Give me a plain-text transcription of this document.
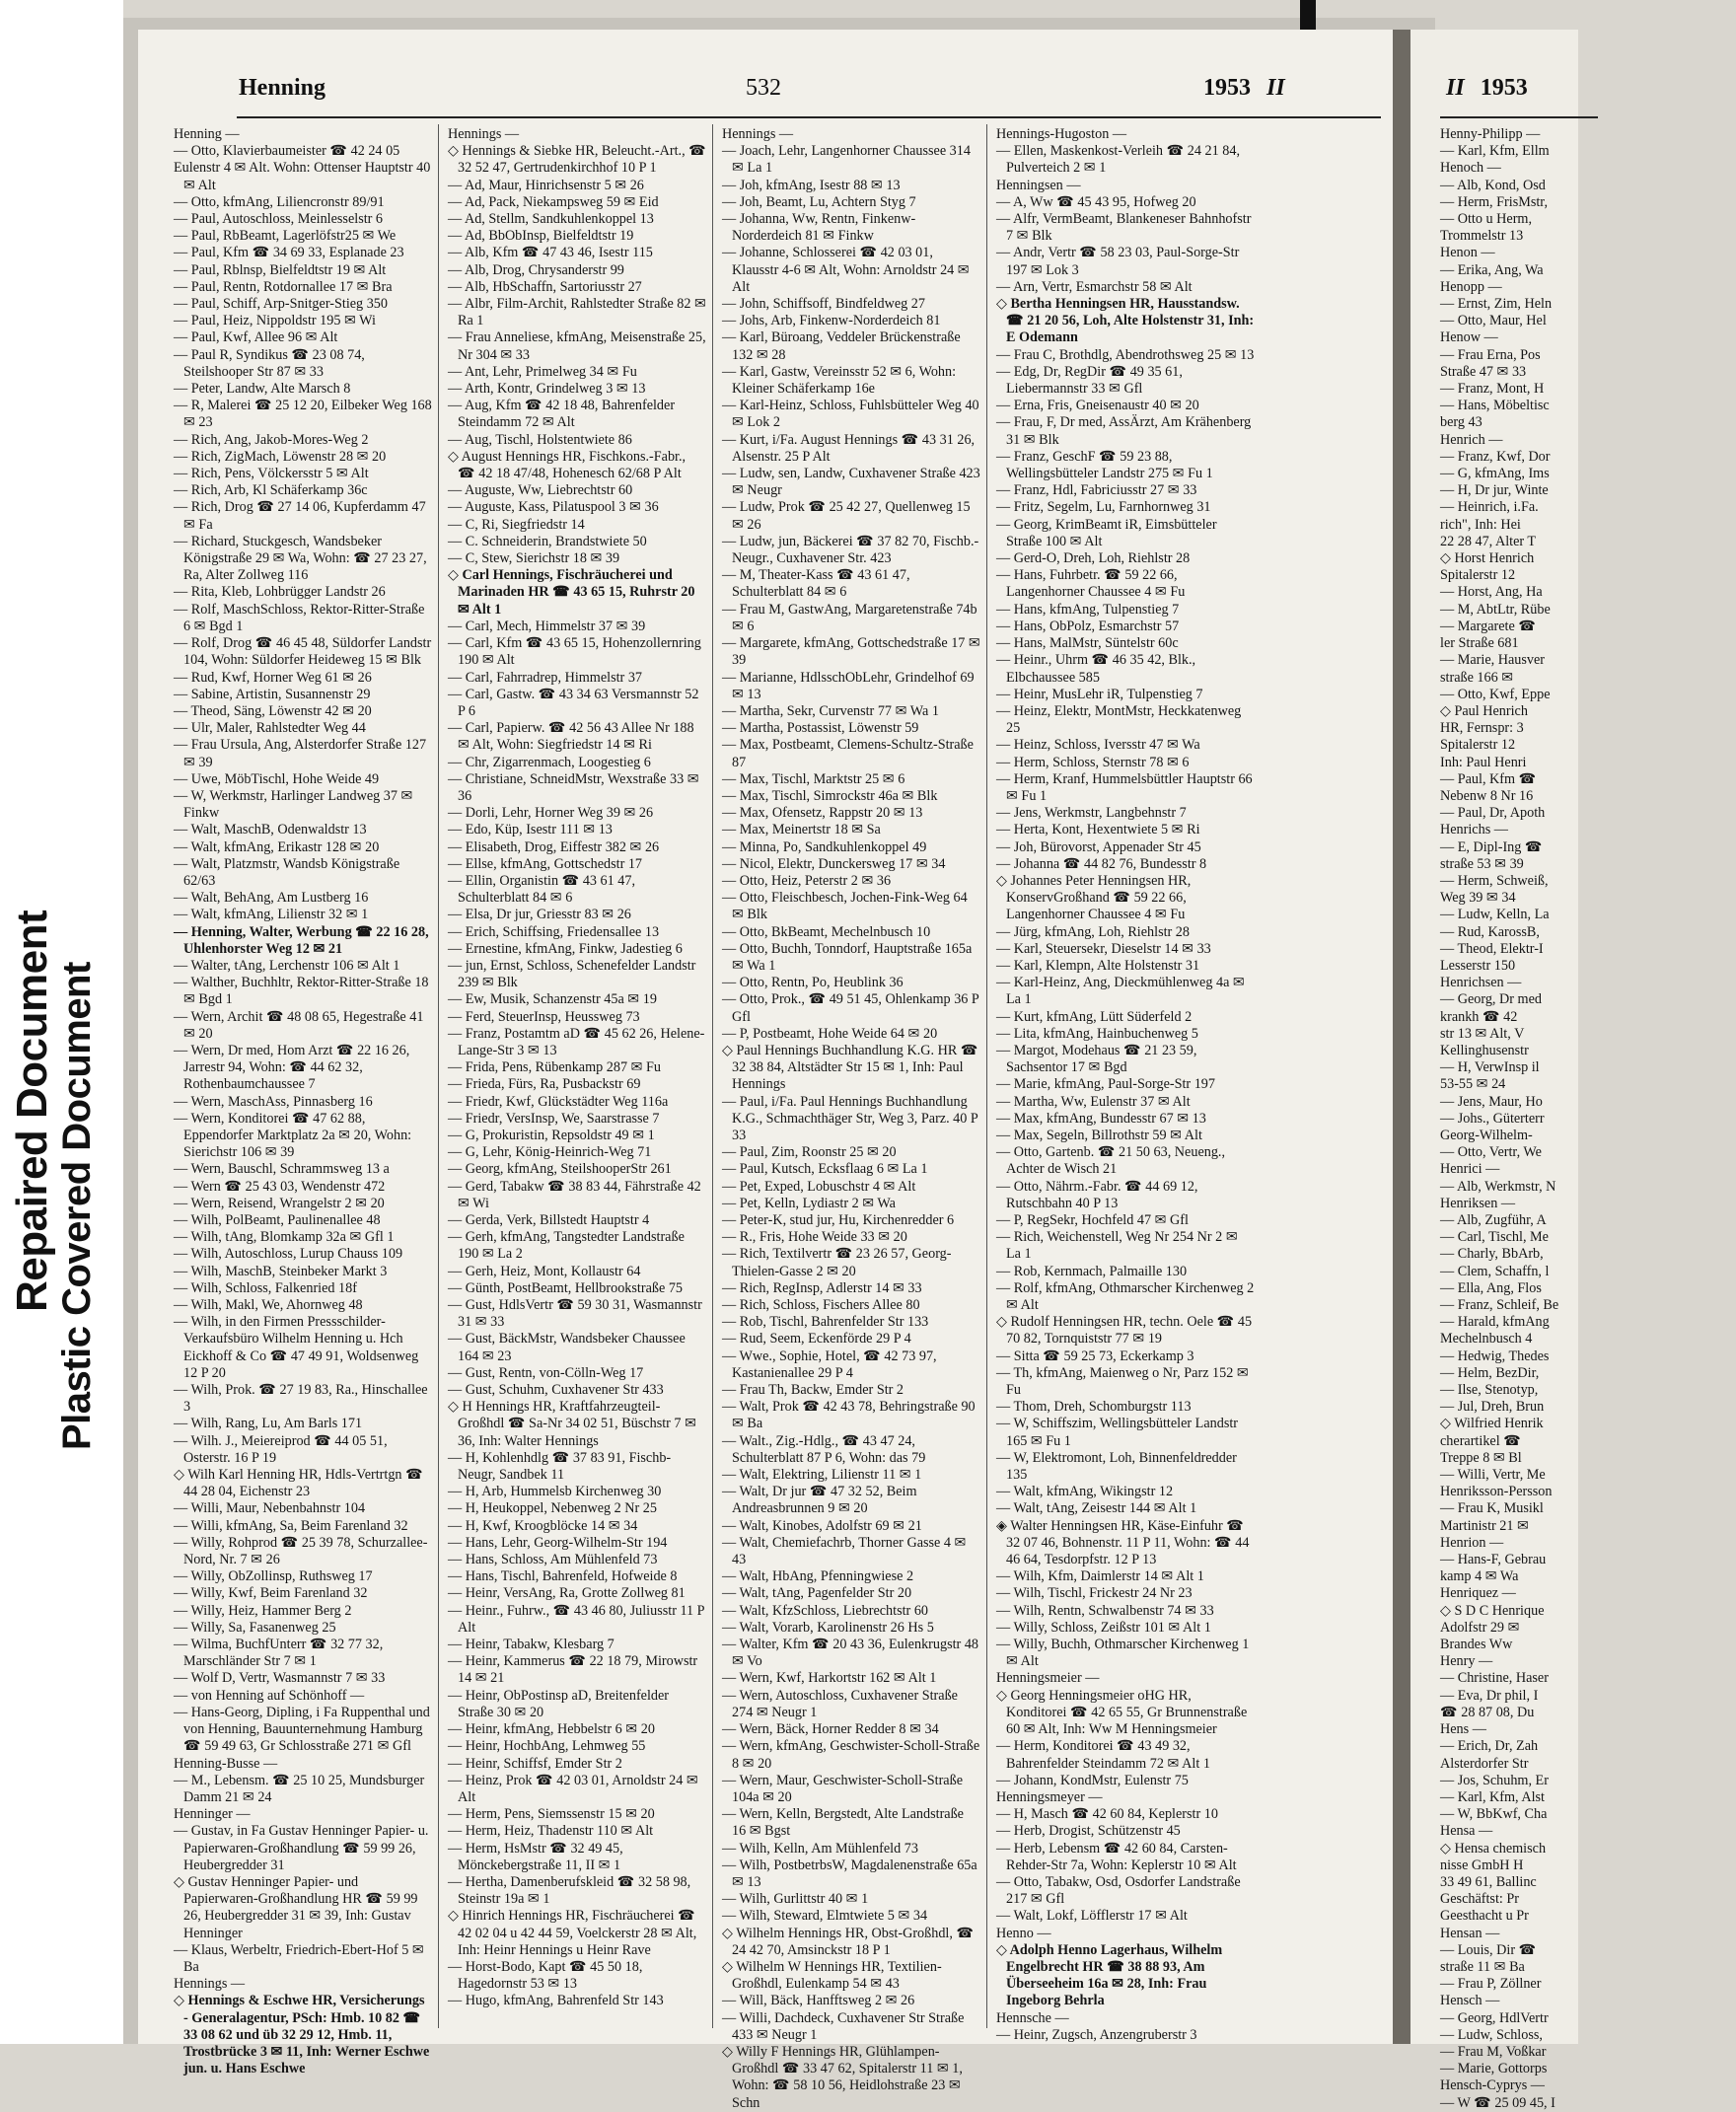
Repaired Document Plastic Covered Document
Henning	532	1953 II

Henning —

— Otto, Klavierbaumeister ☎ 42 24 05

Eulenstr 4 ✉ Alt. Wohn: Ottenser Hauptstr 40 ✉ Alt

— Otto, kfmAng, Liliencronstr 89/91

— Paul, Autoschloss, Meinlesselstr 6

— Paul, RbBeamt, Lagerlöfstr25 ✉ We

— Paul, Kfm ☎ 34 69 33, Esplanade 23

— Paul, Rblnsp, Bielfeldtstr 19 ✉ Alt

— Paul, Rentn, Rotdornallee 17 ✉ Bra

— Paul, Schiff, Arp-Snitger-Stieg 350

— Paul, Heiz, Nippoldstr 195 ✉ Wi

— Paul, Kwf, Allee 96 ✉ Alt

— Paul R, Syndikus ☎ 23 08 74, Steilshooper Str 87 ✉ 33

— Peter, Landw, Alte Marsch 8

— R, Malerei ☎ 25 12 20, Eilbeker Weg 168 ✉ 23

— Rich, Ang, Jakob-Mores-Weg 2

— Rich, ZigMach, Löwenstr 28 ✉ 20

— Rich, Pens, Völckersstr 5 ✉ Alt

— Rich, Arb, Kl Schäferkamp 36c

— Rich, Drog ☎ 27 14 06, Kupferdamm 47 ✉ Fa

— Richard, Stuckgesch, Wandsbeker Königstraße 29 ✉ Wa, Wohn: ☎ 27 23 27, Ra, Alter Zollweg 116

— Rita, Kleb, Lohbrügger Landstr 26

— Rolf, MaschSchloss, Rektor-Ritter-Straße 6 ✉ Bgd 1

— Rolf, Drog ☎ 46 45 48, Süldorfer Landstr 104, Wohn: Süldorfer Heideweg 15 ✉ Blk

— Rud, Kwf, Horner Weg 61 ✉ 26

— Sabine, Artistin, Susannenstr 29

— Theod, Säng, Löwenstr 42 ✉ 20

— Ulr, Maler, Rahlstedter Weg 44

— Frau Ursula, Ang, Alsterdorfer Straße 127 ✉ 39

— Uwe, MöbTischl, Hohe Weide 49

— W, Werkmstr, Harlinger Landweg 37 ✉ Finkw

— Walt, MaschB, Odenwaldstr 13

— Walt, kfmAng, Erikastr 128 ✉ 20

— Walt, Platzmstr, Wandsb Königstraße 62/63

— Walt, BehAng, Am Lustberg 16

— Walt, kfmAng, Lilienstr 32 ✉ 1

— Henning, Walter, Werbung ☎ 22 16 28, Uhlenhorster Weg 12 ✉ 21

— Walter, tAng, Lerchenstr 106 ✉ Alt 1

— Walther, Buchhltr, Rektor-Ritter-Straße 18 ✉ Bgd 1

— Wern, Archit ☎ 48 08 65, Hegestraße 41 ✉ 20

— Wern, Dr med, Hom Arzt ☎ 22 16 26, Jarrestr 94, Wohn: ☎ 44 62 32, Rothenbaumchaussee 7

— Wern, MaschAss, Pinnasberg 16

— Wern, Konditorei ☎ 47 62 88, Eppendorfer Marktplatz 2a ✉ 20, Wohn: Sierichstr 106 ✉ 39

— Wern, Bauschl, Schrammsweg 13 a

— Wern ☎ 25 43 03, Wendenstr 472

— Wern, Reisend, Wrangelstr 2 ✉ 20

— Wilh, PolBeamt, Paulinenallee 48

— Wilh, tAng, Blomkamp 32a ✉ Gfl 1

— Wilh, Autoschloss, Lurup Chauss 109

— Wilh, MaschB, Steinbeker Markt 3

— Wilh, Schloss, Falkenried 18f

— Wilh, Makl, We, Ahornweg 48

— Wilh, in den Firmen Pressschilder-Verkaufsbüro Wilhelm Henning u. Hch Eickhoff & Co ☎ 47 49 91, Woldsenweg 12 P 20

— Wilh, Prok. ☎ 27 19 83, Ra., Hinschallee 3

— Wilh, Rang, Lu, Am Barls 171

— Wilh. J., Meiereiprod ☎ 44 05 51, Osterstr. 16 P 19

◇ Wilh Karl Henning HR, Hdls-Vertrtgn ☎ 44 28 04, Eichenstr 23

— Willi, Maur, Nebenbahnstr 104

— Willi, kfmAng, Sa, Beim Farenland 32

— Willy, Rohprod ☎ 25 39 78, Schurzallee-Nord, Nr. 7 ✉ 26

— Willy, ObZollinsp, Ruthsweg 17

— Willy, Kwf, Beim Farenland 32

— Willy, Heiz, Hammer Berg 2

— Willy, Sa, Fasanenweg 25

— Wilma, BuchfUnterr ☎ 32 77 32, Marschländer Str 7 ✉ 1

— Wolf D, Vertr, Wasmannstr 7 ✉ 33

— von Henning auf Schönhoff —

— Hans-Georg, Dipling, i Fa Ruppenthal und von Henning, Bauunternehmung Hamburg ☎ 59 49 63, Gr Schlosstraße 271 ✉ Gfl

Henning-Busse —

— M., Lebensm. ☎ 25 10 25, Mundsburger Damm 21 ✉ 24

Henninger —

— Gustav, in Fa Gustav Henninger Papier- u. Papierwaren-Großhandlung ☎ 59 99 26, Heubergredder 31

◇ Gustav Henninger Papier- und Papierwaren-Großhandlung HR ☎ 59 99 26, Heubergredder 31 ✉ 39, Inh: Gustav Henninger

— Klaus, Werbeltr, Friedrich-Ebert-Hof 5 ✉ Ba

Hennings —

◇ Hennings & Eschwe HR, Versicherungs - Generalagentur, PSch: Hmb. 10 82 ☎ 33 08 62 und üb 32 29 12, Hmb. 11, Trostbrücke 3 ✉ 11, Inh: Werner Eschwe jun. u. Hans Eschwe

Hennings —

◇ Hennings & Siebke HR, Beleucht.-Art., ☎ 32 52 47, Gertrudenkirchhof 10 P 1

— Ad, Maur, Hinrichsenstr 5 ✉ 26

— Ad, Pack, Niekampsweg 59 ✉ Eid

— Ad, Stellm, Sandkuhlenkoppel 13

— Ad, BbObInsp, Bielfeldtstr 19

— Alb, Kfm ☎ 47 43 46, Isestr 115

— Alb, Drog, Chrysanderstr 99

— Alb, HbSchaffn, Sartoriusstr 27

— Albr, Film-Archit, Rahlstedter Straße 82 ✉ Ra 1

— Frau Anneliese, kfmAng, Meisenstraße 25, Nr 304 ✉ 33

— Ant, Lehr, Primelweg 34 ✉ Fu

— Arth, Kontr, Grindelweg 3 ✉ 13

— Aug, Kfm ☎ 42 18 48, Bahrenfelder Steindamm 72 ✉ Alt

— Aug, Tischl, Holstentwiete 86

◇ August Hennings HR, Fischkons.-Fabr., ☎ 42 18 47/48, Hohenesch 62/68 P Alt

— Auguste, Ww, Liebrechtstr 60

— Auguste, Kass, Pilatuspool 3 ✉ 36

— C, Ri, Siegfriedstr 14

— C. Schneiderin, Brandstwiete 50

— C, Stew, Sierichstr 18 ✉ 39

◇ Carl Hennings, Fischräucherei und Marinaden HR ☎ 43 65 15, Ruhrstr 20 ✉ Alt 1

— Carl, Mech, Himmelstr 37 ✉ 39

— Carl, Kfm ☎ 43 65 15, Hohenzollernring 190 ✉ Alt

— Carl, Fahrradrep, Himmelstr 37

— Carl, Gastw. ☎ 43 34 63 Versmannstr 52 P 6

— Carl, Papierw. ☎ 42 56 43 Allee Nr 188 ✉ Alt, Wohn: Siegfriedstr 14 ✉ Ri

— Chr, Zigarrenmach, Loogestieg 6

— Christiane, SchneidMstr, Wexstraße 33 ✉ 36

— Dorli, Lehr, Horner Weg 39 ✉ 26

— Edo, Küp, Isestr 111 ✉ 13

— Elisabeth, Drog, Eiffestr 382 ✉ 26

— Ellse, kfmAng, Gottschedstr 17

— Ellin, Organistin ☎ 43 61 47, Schulterblatt 84 ✉ 6

— Elsa, Dr jur, Griesstr 83 ✉ 26

— Erich, Schiffsing, Friedensallee 13

— Ernestine, kfmAng, Finkw, Jadestieg 6

— jun, Ernst, Schloss, Schenefelder Landstr 239 ✉ Blk

— Ew, Musik, Schanzenstr 45a ✉ 19

— Ferd, SteuerInsp, Heussweg 73

— Franz, Postamtm aD ☎ 45 62 26, Helene-Lange-Str 3 ✉ 13

— Frida, Pens, Rübenkamp 287 ✉ Fu

— Frieda, Fürs, Ra, Pusbackstr 69

— Friedr, Kwf, Glückstädter Weg 116a

— Friedr, VersInsp, We, Saarstrasse 7

— G, Prokuristin, Repsoldstr 49 ✉ 1

— G, Lehr, König-Heinrich-Weg 71

— Georg, kfmAng, SteilshooperStr 261

— Gerd, Tabakw ☎ 38 83 44, Fährstraße 42 ✉ Wi

— Gerda, Verk, Billstedt Hauptstr 4

— Gerh, kfmAng, Tangstedter Landstraße 190 ✉ La 2

— Gerh, Heiz, Mont, Kollaustr 64

— Günth, PostBeamt, Hellbrookstraße 75

— Gust, HdlsVertr ☎ 59 30 31, Wasmannstr 31 ✉ 33

— Gust, BäckMstr, Wandsbeker Chaussee 164 ✉ 23

— Gust, Rentn, von-Cölln-Weg 17

— Gust, Schuhm, Cuxhavener Str 433

◇ H Hennings HR, Kraftfahrzeugteil-Großhdl ☎ Sa-Nr 34 02 51, Büschstr 7 ✉ 36, Inh: Walter Hennings

— H, Kohlenhdlg ☎ 37 83 91, Fischb-Neugr, Sandbek 11

— H, Arb, Hummelsb Kirchenweg 30

— H, Heukoppel, Nebenweg 2 Nr 25

— H, Kwf, Kroogblöcke 14 ✉ 34

— Hans, Lehr, Georg-Wilhelm-Str 194

— Hans, Schloss, Am Mühlenfeld 73

— Hans, Tischl, Bahrenfeld, Hofweide 8

— Heinr, VersAng, Ra, Grotte Zollweg 81

— Heinr., Fuhrw., ☎ 43 46 80, Juliusstr 11 P Alt

— Heinr, Tabakw, Klesbarg 7

— Heinr, Kammerus ☎ 22 18 79, Mirowstr 14 ✉ 21

— Heinr, ObPostinsp aD, Breitenfelder Straße 30 ✉ 20

— Heinr, kfmAng, Hebbelstr 6 ✉ 20

— Heinr, HochbAng, Lehmweg 55

— Heinr, Schiffsf, Emder Str 2

— Heinz, Prok ☎ 42 03 01, Arnoldstr 24 ✉ Alt

— Herm, Pens, Siemssenstr 15 ✉ 20

— Herm, Heiz, Thadenstr 110 ✉ Alt

— Herm, HsMstr ☎ 32 49 45, Mönckebergstraße 11, II ✉ 1

— Hertha, Damenberufskleid ☎ 32 58 98, Steinstr 19a ✉ 1

◇ Hinrich Hennings HR, Fischräucherei ☎ 42 02 04 u 42 44 59, Voelckerstr 28 ✉ Alt, Inh: Heinr Hennings u Heinr Rave

— Horst-Bodo, Kapt ☎ 45 50 18, Hagedornstr 53 ✉ 13

— Hugo, kfmAng, Bahrenfeld Str 143

Hennings —

— Joach, Lehr, Langenhorner Chaussee 314 ✉ La 1

— Joh, kfmAng, Isestr 88 ✉ 13

— Joh, Beamt, Lu, Achtern Styg 7

— Johanna, Ww, Rentn, Finkenw-Norderdeich 81 ✉ Finkw

— Johanne, Schlosserei ☎ 42 03 01, Klausstr 4-6 ✉ Alt, Wohn: Arnoldstr 24 ✉ Alt

— John, Schiffsoff, Bindfeldweg 27

— Johs, Arb, Finkenw-Norderdeich 81

— Karl, Büroang, Veddeler Brückenstraße 132 ✉ 28

— Karl, Gastw, Vereinsstr 52 ✉ 6, Wohn: Kleiner Schäferkamp 16e

— Karl-Heinz, Schloss, Fuhlsbütteler Weg 40 ✉ Lok 2

— Kurt, i/Fa. August Hennings ☎ 43 31 26, Alsenstr. 25 P Alt

— Ludw, sen, Landw, Cuxhavener Straße 423 ✉ Neugr

— Ludw, Prok ☎ 25 42 27, Quellenweg 15 ✉ 26

— Ludw, jun, Bäckerei ☎ 37 82 70, Fischb.-Neugr., Cuxhavener Str. 423

— M, Theater-Kass ☎ 43 61 47, Schulterblatt 84 ✉ 6

— Frau M, GastwAng, Margaretenstraße 74b ✉ 6

— Margarete, kfmAng, Gottschedstraße 17 ✉ 39

— Marianne, HdlsschObLehr, Grindelhof 69 ✉ 13

— Martha, Sekr, Curvenstr 77 ✉ Wa 1

— Martha, Postassist, Löwenstr 59

— Max, Postbeamt, Clemens-Schultz-Straße 87

— Max, Tischl, Marktstr 25 ✉ 6

— Max, Tischl, Simrockstr 46a ✉ Blk

— Max, Ofensetz, Rappstr 20 ✉ 13

— Max, Meinertstr 18 ✉ Sa

— Minna, Po, Sandkuhlenkoppel 49

— Nicol, Elektr, Dunckersweg 17 ✉ 34

— Otto, Heiz, Peterstr 2 ✉ 36

— Otto, Fleischbesch, Jochen-Fink-Weg 64 ✉ Blk

— Otto, BkBeamt, Mechelnbusch 10

— Otto, Buchh, Tonndorf, Hauptstraße 165a ✉ Wa 1

— Otto, Rentn, Po, Heublink 36

— Otto, Prok., ☎ 49 51 45, Ohlenkamp 36 P Gfl

— P, Postbeamt, Hohe Weide 64 ✉ 20

◇ Paul Hennings Buchhandlung K.G. HR ☎ 32 38 84, Altstädter Str 15 ✉ 1, Inh: Paul Hennings

— Paul, i/Fa. Paul Hennings Buchhandlung K.G., Schmachthäger Str, Weg 3, Parz. 40 P 33

— Paul, Zim, Roonstr 25 ✉ 20

— Paul, Kutsch, Ecksflaag 6 ✉ La 1

— Pet, Exped, Lobuschstr 4 ✉ Alt

— Pet, Kelln, Lydiastr 2 ✉ Wa

— Peter-K, stud jur, Hu, Kirchenredder 6

— R., Fris, Hohe Weide 33 ✉ 20

— Rich, Textilvertr ☎ 23 26 57, Georg-Thielen-Gasse 2 ✉ 20

— Rich, RegInsp, Adlerstr 14 ✉ 33

— Rich, Schloss, Fischers Allee 80

— Rob, Tischl, Bahrenfelder Str 133

— Rud, Seem, Eckenförde 29 P 4

— Wwe., Sophie, Hotel, ☎ 42 73 97, Kastanienallee 29 P 4

— Frau Th, Backw, Emder Str 2

— Walt, Prok ☎ 42 43 78, Behringstraße 90 ✉ Ba

— Walt., Zig.-Hdlg., ☎ 43 47 24, Schulterblatt 87 P 6, Wohn: das 79

— Walt, Elektring, Lilienstr 11 ✉ 1

— Walt, Dr jur ☎ 47 32 52, Beim Andreasbrunnen 9 ✉ 20

— Walt, Kinobes, Adolfstr 69 ✉ 21

— Walt, Chemiefachrb, Thorner Gasse 4 ✉ 43

— Walt, HbAng, Pfenningwiese 2

— Walt, tAng, Pagenfelder Str 20

— Walt, KfzSchloss, Liebrechtstr 60

— Walt, Vorarb, Karolinenstr 26 Hs 5

— Walter, Kfm ☎ 20 43 36, Eulenkrugstr 48 ✉ Vo

— Wern, Kwf, Harkortstr 162 ✉ Alt 1

— Wern, Autoschloss, Cuxhavener Straße 274 ✉ Neugr 1

— Wern, Bäck, Horner Redder 8 ✉ 34

— Wern, kfmAng, Geschwister-Scholl-Straße 8 ✉ 20

— Wern, Maur, Geschwister-Scholl-Straße 104a ✉ 20

— Wern, Kelln, Bergstedt, Alte Landstraße 16 ✉ Bgst

— Wilh, Kelln, Am Mühlenfeld 73

— Wilh, PostbetrbsW, Magdalenenstraße 65a ✉ 13

— Wilh, Gurlittstr 40 ✉ 1

— Wilh, Steward, Elmtwiete 5 ✉ 34

◇ Wilhelm Hennings HR, Obst-Großhdl, ☎ 24 42 70, Amsinckstr 18 P 1

◇ Wilhelm W Hennings HR, Textilien-Großhdl, Eulenkamp 54 ✉ 43

— Will, Bäck, Hanfftsweg 2 ✉ 26

— Willi, Dachdeck, Cuxhavener Str Straße 433 ✉ Neugr 1

◇ Willy F Hennings HR, Glühlampen-Großhdl ☎ 33 47 62, Spitalerstr 11 ✉ 1, Wohn: ☎ 58 10 56, Heidlohstraße 23 ✉ Schn

Hennings-Hugoston —

— Ellen, Maskenkost-Verleih ☎ 24 21 84, Pulverteich 2 ✉ 1

Henningsen —

— A, Ww ☎ 45 43 95, Hofweg 20

— Alfr, VermBeamt, Blankeneser Bahnhofstr 7 ✉ Blk

— Andr, Vertr ☎ 58 23 03, Paul-Sorge-Str 197 ✉ Lok 3

— Arn, Vertr, Esmarchstr 58 ✉ Alt

◇ Bertha Henningsen HR, Hausstandsw. ☎ 21 20 56, Loh, Alte Holstenstr 31, Inh: E Odemann

— Frau C, Brothdlg, Abendrothsweg 25 ✉ 13

— Edg, Dr, RegDir ☎ 49 35 61, Liebermannstr 33 ✉ Gfl

— Erna, Fris, Gneisenaustr 40 ✉ 20

— Frau, F, Dr med, AssÄrzt, Am Krähenberg 31 ✉ Blk

— Franz, GeschF ☎ 59 23 88, Wellingsbütteler Landstr 275 ✉ Fu 1

— Franz, Hdl, Fabriciusstr 27 ✉ 33

— Fritz, Segelm, Lu, Farnhornweg 31

— Georg, KrimBeamt iR, Eimsbütteler Straße 100 ✉ Alt

— Gerd-O, Dreh, Loh, Riehlstr 28

— Hans, Fuhrbetr. ☎ 59 22 66, Langenhorner Chaussee 4 ✉ Fu

— Hans, kfmAng, Tulpenstieg 7

— Hans, ObPolz, Esmarchstr 57

— Hans, MalMstr, Süntelstr 60c

— Heinr., Uhrm ☎ 46 35 42, Blk., Elbchaussee 585

— Heinr, MusLehr iR, Tulpenstieg 7

— Heinz, Elektr, MontMstr, Heckkatenweg 25

— Heinz, Schloss, Iversstr 47 ✉ Wa

— Herm, Schloss, Sternstr 78 ✉ 6

— Herm, Kranf, Hummelsbüttler Hauptstr 66 ✉ Fu 1

— Jens, Werkmstr, Langbehnstr 7

— Herta, Kont, Hexentwiete 5 ✉ Ri

— Joh, Bürovorst, Appenader Str 45

— Johanna ☎ 44 82 76, Bundesstr 8

◇ Johannes Peter Henningsen HR, KonservGroßhand ☎ 59 22 66, Langenhorner Chaussee 4 ✉ Fu

— Jürg, kfmAng, Loh, Riehlstr 28

— Karl, Steuersekr, Dieselstr 14 ✉ 33

— Karl, Klempn, Alte Holstenstr 31

— Karl-Heinz, Ang, Dieckmühlenweg 4a ✉ La 1

— Kurt, kfmAng, Lütt Süderfeld 2

— Lita, kfmAng, Hainbuchenweg 5

— Margot, Modehaus ☎ 21 23 59, Sachsentor 17 ✉ Bgd

— Marie, kfmAng, Paul-Sorge-Str 197

— Martha, Ww, Eulenstr 37 ✉ Alt

— Max, kfmAng, Bundesstr 67 ✉ 13

— Max, Segeln, Billrothstr 59 ✉ Alt

— Otto, Gartenb. ☎ 21 50 63, Neueng., Achter de Wisch 21

— Otto, Nährm.-Fabr. ☎ 44 69 12, Rutschbahn 40 P 13

— P, RegSekr, Hochfeld 47 ✉ Gfl

— Rich, Weichenstell, Weg Nr 254 Nr 2 ✉ La 1

— Rob, Kernmach, Palmaille 130

— Rolf, kfmAng, Othmarscher Kirchenweg 2 ✉ Alt

◇ Rudolf Henningsen HR, techn. Oele ☎ 45 70 82, Tornquiststr 77 ✉ 19

— Sitta ☎ 59 25 73, Eckerkamp 3

— Th, kfmAng, Maienweg o Nr, Parz 152 ✉ Fu

— Thom, Dreh, Schomburgstr 113

— W, Schiffszim, Wellingsbütteler Landstr 165 ✉ Fu 1

— W, Elektromont, Loh, Binnenfeldredder 135

— Walt, kfmAng, Wikingstr 12

— Walt, tAng, Zeisestr 144 ✉ Alt 1

◈ Walter Henningsen HR, Käse-Einfuhr ☎ 32 07 46, Bohnenstr. 11 P 11, Wohn: ☎ 44 46 64, Tesdorpfstr. 12 P 13

— Wilh, Kfm, Daimlerstr 14 ✉ Alt 1

— Wilh, Tischl, Frickestr 24 Nr 23

— Wilh, Rentn, Schwalbenstr 74 ✉ 33

— Willy, Schloss, Zeißstr 101 ✉ Alt 1

— Willy, Buchh, Othmarscher Kirchenweg 1 ✉ Alt

Henningsmeier —

◇ Georg Henningsmeier oHG HR, Konditorei ☎ 42 65 55, Gr Brunnenstraße 60 ✉ Alt, Inh: Ww M Henningsmeier

— Herm, Konditorei ☎ 43 49 32, Bahrenfelder Steindamm 72 ✉ Alt 1

— Johann, KondMstr, Eulenstr 75

Henningsmeyer —

— H, Masch ☎ 42 60 84, Keplerstr 10

— Herb, Drogist, Schützenstr 45

— Herb, Lebensm ☎ 42 60 84, Carsten-Rehder-Str 7a, Wohn: Keplerstr 10 ✉ Alt

— Otto, Tabakw, Osd, Osdorfer Landstraße 217 ✉ Gfl

— Walt, Lokf, Löfflerstr 17 ✉ Alt

Henno —

◇ Adolph Henno Lagerhaus, Wilhelm Engelbrecht HR ☎ 38 88 93, Am Überseeheim 16a ✉ 28, Inh: Frau Ingeborg Behrla

Hennsche —

— Heinr, Zugsch, Anzengruberstr 3

II 1953

Henny-Philipp —

— Karl, Kfm, Ellm

Henoch —

— Alb, Kond, Osd

— Herm, FrisMstr,

— Otto u Herm,

Trommelstr 13

Henon —

— Erika, Ang, Wa

Henopp —

— Ernst, Zim, Heln

— Otto, Maur, Hel

Henow —

— Frau Erna, Pos

Straße 47 ✉ 33

— Franz, Mont, H

— Hans, Möbeltisc

berg 43

Henrich —

— Franz, Kwf, Dor

— G, kfmAng, Ims

— H, Dr jur, Winte

— Heinrich, i.Fa.

rich", Inh: Hei

22 28 47, Alter T

◇ Horst Henrich

Spitalerstr 12

— Horst, Ang, Ha

— M, AbtLtr, Rübe

— Margarete ☎

ler Straße 681

— Marie, Hausver

straße 166 ✉

— Otto, Kwf, Eppe

◇ Paul Henrich

HR, Fernspr: 3

Spitalerstr 12

Inh: Paul Henri

— Paul, Kfm ☎

Nebenw 8 Nr 16

— Paul, Dr, Apoth

Henrichs —

— E, Dipl-Ing ☎

straße 53 ✉ 39

— Herm, Schweiß,

Weg 39 ✉ 34

— Ludw, Kelln, La

— Rud, KarossB,

— Theod, Elektr-I

Lesserstr 150

Henrichsen —

— Georg, Dr med

krankh ☎ 42

str 13 ✉ Alt, V

Kellinghusenstr

— H, VerwInsp il

53-55 ✉ 24

— Jens, Maur, Ho

— Johs., Güterterr

Georg-Wilhelm-

— Otto, Vertr, We

Henrici —

— Alb, Werkmstr, N

Henriksen —

— Alb, Zugführ, A

— Carl, Tischl, Me

— Charly, BbArb,

— Clem, Schaffn, l

— Ella, Ang, Flos

— Franz, Schleif, Be

— Harald, kfmAng

Mechelnbusch 4

— Hedwig, Thedes

— Helm, BezDir,

— Ilse, Stenotyp,

— Jul, Dreh, Brun

◇ Wilfried Henrik

cherartikel ☎

Treppe 8 ✉ Bl

— Willi, Vertr, Me

Henriksson-Persson

— Frau K, Musikl

Martinistr 21 ✉

Henrion —

— Hans-F, Gebrau

kamp 4 ✉ Wa

Henriquez —

◇ S D C Henrique

Adolfstr 29 ✉

Brandes Ww

Henry —

— Christine, Haser

— Eva, Dr phil, I

☎ 28 87 08, Du

Hens —

— Erich, Dr, Zah

Alsterdorfer Str

— Jos, Schuhm, Er

— Karl, Kfm, Alst

— W, BbKwf, Cha

Hensa —

◇ Hensa chemisch

nisse GmbH H

33 49 61, Ballinc

Geschäftst: Pr

Geesthacht u Pr

Hensan —

— Louis, Dir ☎

straße 11 ✉ Ba

— Frau P, Zöllner

Hensch —

— Georg, HdlVertr

— Ludw, Schloss,

— Frau M, Voßkar

— Marie, Gottorps

Hensch-Cyprys —

— W ☎ 25 09 45, I
